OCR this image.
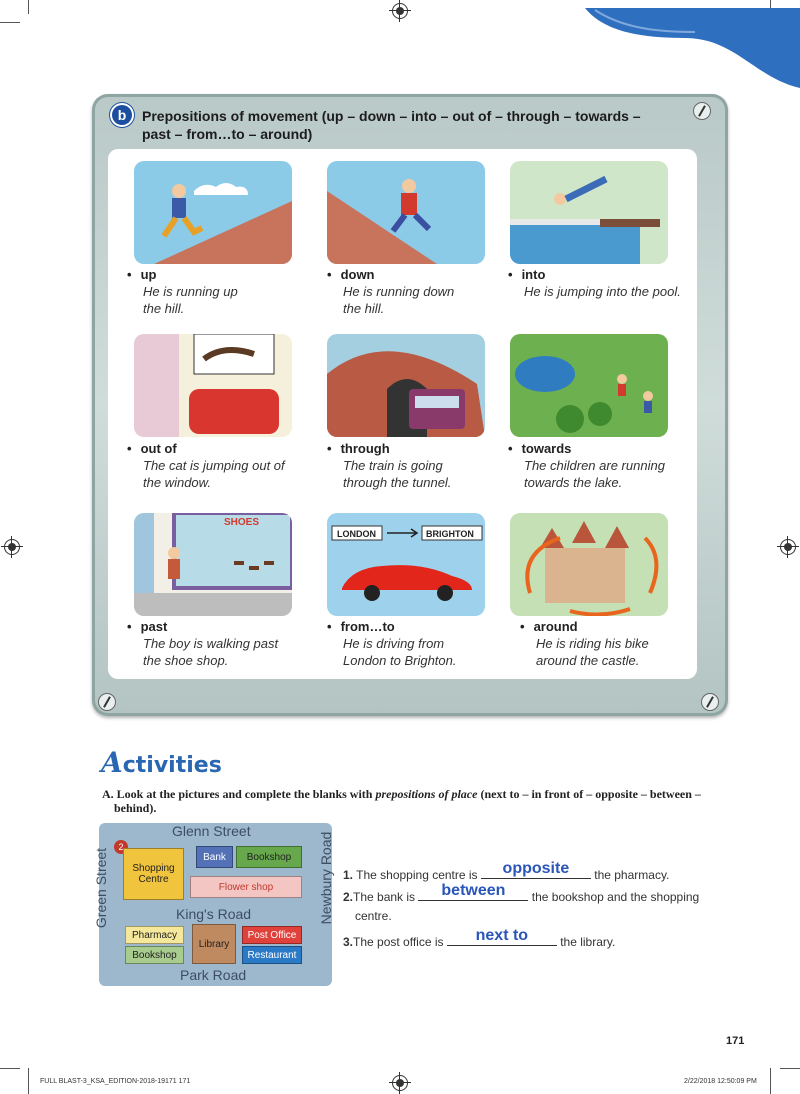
b	Prepositions of movement (up – down – into – out of – through – towards – past – from…to – around)
• up
He is running up the hill.
• down
He is running down the hill.
• into
He is jumping into the pool.
• out of
The cat is jumping out of the window.
• through
The train is going through the tunnel.
• towards
The children are running towards the lake.
SHOES
LONDON	BRIGHTON
• past
The boy is walking past the shoe shop.
• from…to
He is driving from London to Brighton.
• around
He is riding his bike around the castle.
Activities
A. Look at the pictures and complete the blanks with prepositions of place (next to – in front of – opposite – between – behind).
Glenn Street
King's Road
Park Road
Green Street	Newbury Road
2
Shopping Centre
Bank	Bookshop
Flower shop
Pharmacy
Bookshop
Library
Post Office
Restaurant
1. The shopping centre is	opposite	the pharmacy.
2.The bank is	between	the bookshop and the shopping
centre.
3.The post office is	next to	the library.
171
FULL BLAST-3_KSA_EDITION-2018-19171 171	2/22/2018 12:50:09 PM
